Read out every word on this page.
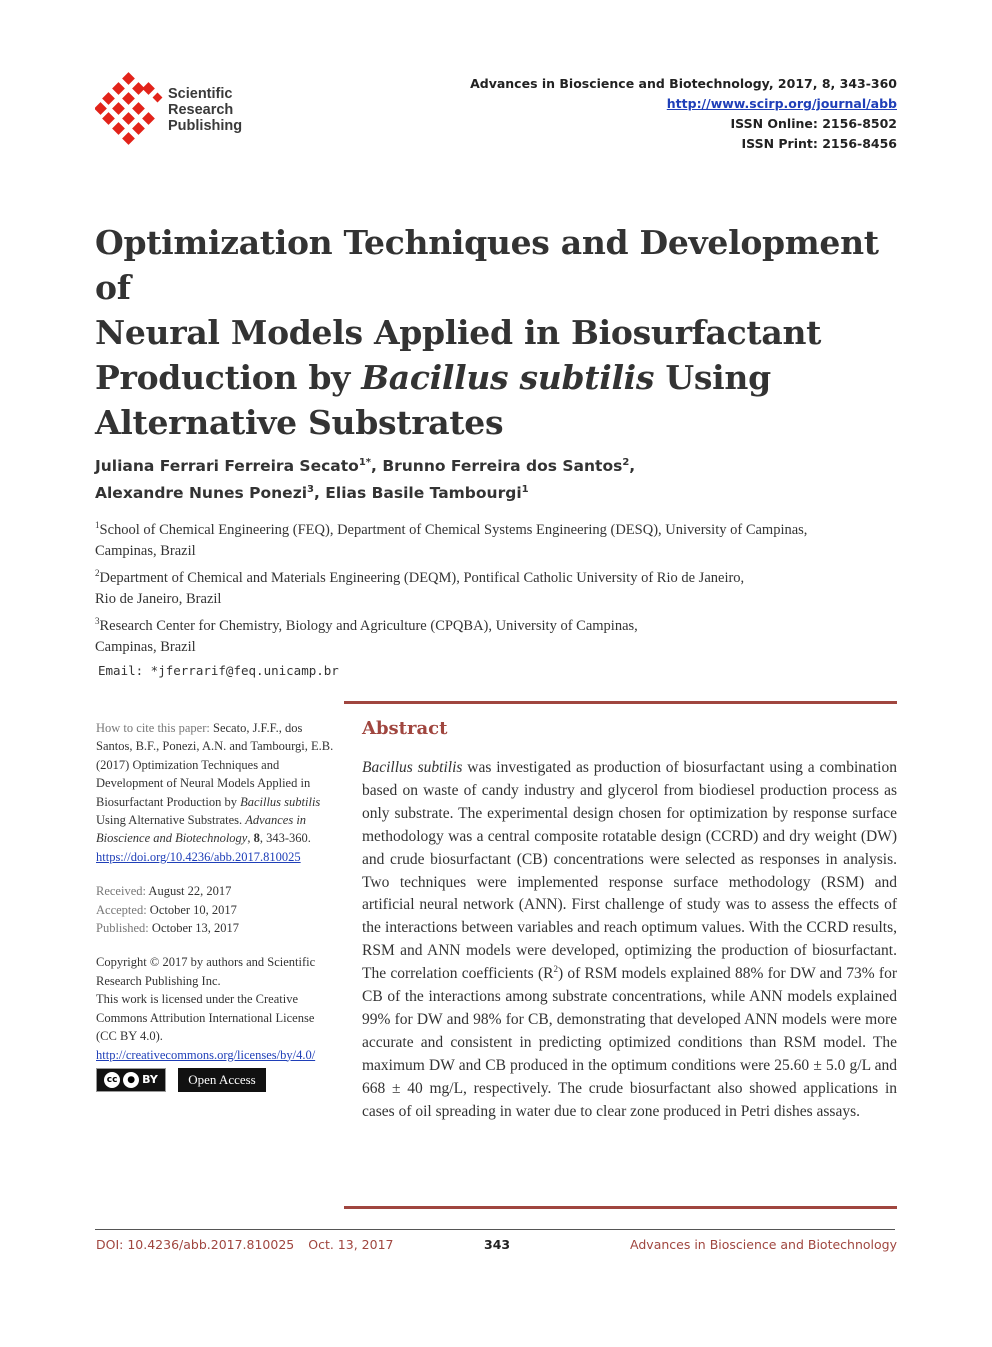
Scientific
Research
Publishing
Advances in Bioscience and Biotechnology, 2017, 8, 343-360
http://www.scirp.org/journal/abb
ISSN Online: 2156-8502
ISSN Print: 2156-8456
Optimization Techniques and Development of
Neural Models Applied in Biosurfactant
Production by Bacillus subtilis Using
Alternative Substrates
Juliana Ferrari Ferreira Secato$^{1*}$, Brunno Ferreira dos Santos$^2$,
Alexandre Nunes Ponezi$^3$, Elias Basile Tambourgi$^1$
$^1$School of Chemical Engineering (FEQ), Department of Chemical Systems Engineering (DESQ), University of Campinas,
Campinas, Brazil
$^2$Department of Chemical and Materials Engineering (DEQM), Pontifical Catholic University of Rio de Janeiro,
Rio de Janeiro, Brazil
$^3$Research Center for Chemistry, Biology and Agriculture (CPQBA), University of Campinas,
Campinas, Brazil
Email: *jferrarif@feq.unicamp.br
How to cite this paper: Secato, J.F.F., dos Santos, B.F., Ponezi, A.N. and Tambourgi, E.B. (2017) Optimization Techniques and Development of Neural Models Applied in Biosurfactant Production by Bacillus subtilis Using Alternative Substrates. Advances in Bioscience and Biotechnology, 8, 343-360.
https://doi.org/10.4236/abb.2017.810025
Received: August 22, 2017
Accepted: October 10, 2017
Published: October 13, 2017
Copyright © 2017 by authors and Scientific Research Publishing Inc.
This work is licensed under the Creative Commons Attribution International License (CC BY 4.0).
http://creativecommons.org/licenses/by/4.0/
cc	● BY	Open Access
Abstract

Bacillus subtilis was investigated as production of biosurfactant using a combination based on waste of candy industry and glycerol from biodiesel production process as only substrate. The experimental design chosen for optimization by response surface methodology was a central composite rotatable design (CCRD) and dry weight (DW) and crude biosurfactant (CB) concentrations were selected as responses in analysis. Two techniques were implemented response surface methodology (RSM) and artificial neural network (ANN). First challenge of study was to assess the effects of the interactions between variables and reach optimum values. With the CCRD results, RSM and ANN models were developed, optimizing the production of biosurfactant. The correlation coefficients $(R^2)$ of RSM models explained 88% for DW and 73% for CB of the interactions among substrate concentrations, while ANN models explained 99% for DW and 98% for CB, demonstrating that developed ANN models were more accurate and consistent in predicting optimized conditions than RSM model. The maximum DW and CB produced in the optimum conditions were 25.60 ± 5.0 g/L and 668 ± 40 mg/L, respectively. The crude biosurfactant also showed applications in cases of oil spreading in water due to clear zone produced in Petri dishes assays.

DOI: 10.4236/abb.2017.810025 Oct. 13, 2017	343	Advances in Bioscience and Biotechnology
